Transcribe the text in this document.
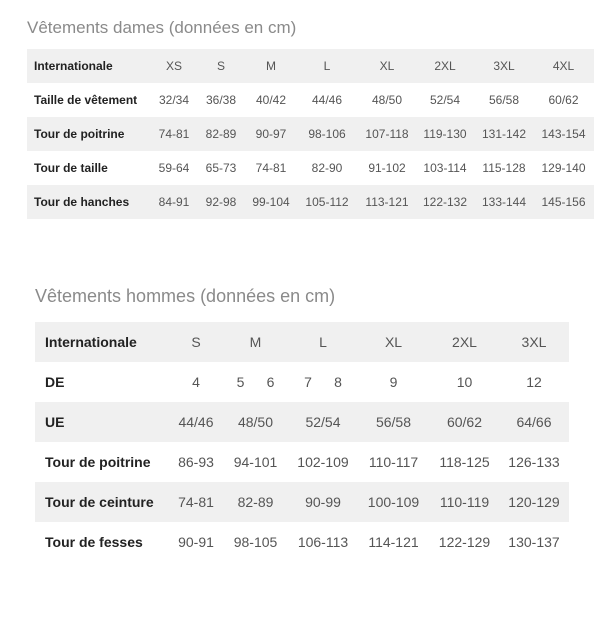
Vêtements dames (données en cm)
Internationale	XS	S	M	L	XL	2XL	3XL	4XL
Taille de vêtement	32/34	36/38	40/42	44/46	48/50	52/54	56/58	60/62
Tour de poitrine	74-81	82-89	90-97	98-106	107-118	119-130	131-142	143-154
Tour de taille	59-64	65-73	74-81	82-90	91-102	103-114	115-128	129-140
Tour de hanches	84-91	92-98	99-104	105-112	113-121	122-132	133-144	145-156
Vêtements hommes (données en cm)
Internationale	S	M	L	XL	2XL	3XL
DE	4	5 6	7 8	9	10	12
UE	44/46	48/50	52/54	56/58	60/62	64/66
Tour de poitrine	86-93	94-101	102-109	110-117	118-125	126-133
Tour de ceinture	74-81	82-89	90-99	100-109	110-119	120-129
Tour de fesses	90-91	98-105	106-113	114-121	122-129	130-137
